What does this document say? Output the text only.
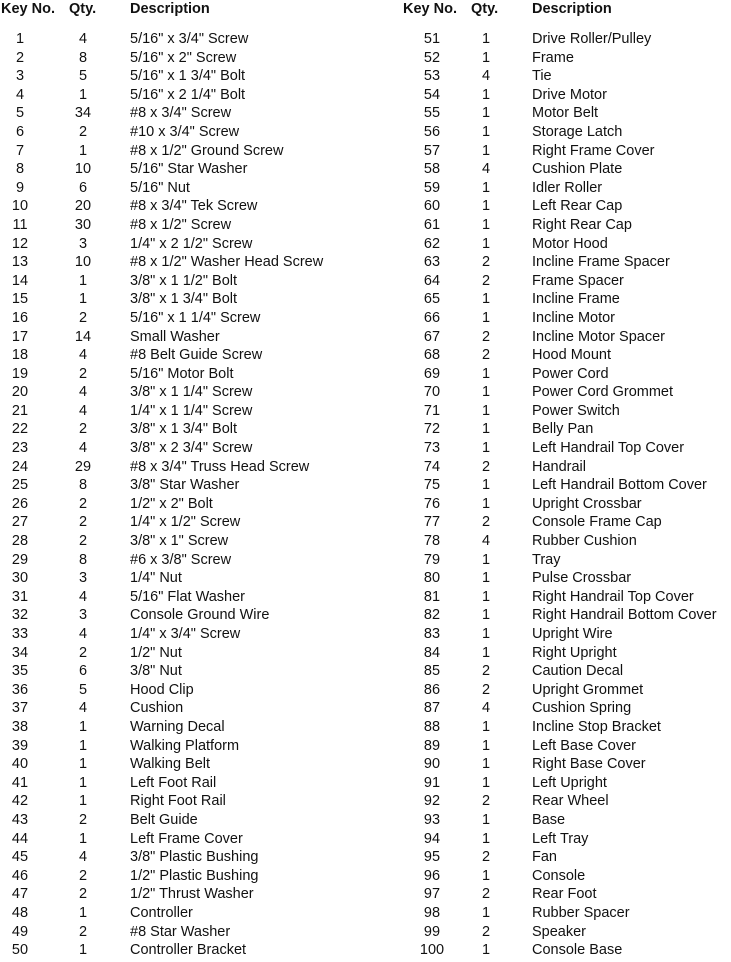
Key No. Qty. Description
1	4	5/16" x 3/4" Screw
2	8	5/16" x 2" Screw
3	5	5/16" x 1 3/4" Bolt
4	1	5/16" x 2 1/4" Bolt
5	34	#8 x 3/4" Screw
6	2	#10 x 3/4" Screw
7	1	#8 x 1/2" Ground Screw
8	10	5/16" Star Washer
9	6	5/16" Nut
10	20	#8 x 3/4" Tek Screw
11	30	#8 x 1/2" Screw
12	3	1/4" x 2 1/2" Screw
13	10	#8 x 1/2" Washer Head Screw
14	1	3/8" x 1 1/2" Bolt
15	1	3/8" x 1 3/4" Bolt
16	2	5/16" x 1 1/4" Screw
17	14	Small Washer
18	4	#8 Belt Guide Screw
19	2	5/16" Motor Bolt
20	4	3/8" x 1 1/4" Screw
21	4	1/4" x 1 1/4" Screw
22	2	3/8" x 1 3/4" Bolt
23	4	3/8" x 2 3/4" Screw
24	29	#8 x 3/4" Truss Head Screw
25	8	3/8" Star Washer
26	2	1/2" x 2" Bolt
27	2	1/4" x 1/2" Screw
28	2	3/8" x 1" Screw
29	8	#6 x 3/8" Screw
30	3	1/4" Nut
31	4	5/16" Flat Washer
32	3	Console Ground Wire
33	4	1/4" x 3/4" Screw
34	2	1/2" Nut
35	6	3/8" Nut
36	5	Hood Clip
37	4	Cushion
38	1	Warning Decal
39	1	Walking Platform
40	1	Walking Belt
41	1	Left Foot Rail
42	1	Right Foot Rail
43	2	Belt Guide
44	1	Left Frame Cover
45	4	3/8" Plastic Bushing
46	2	1/2" Plastic Bushing
47	2	1/2" Thrust Washer
48	1	Controller
49	2	#8 Star Washer
50	1	Controller Bracket
Key No. Qty. Description
51	1	Drive Roller/Pulley
52	1	Frame
53	4	Tie
54	1	Drive Motor
55	1	Motor Belt
56	1	Storage Latch
57	1	Right Frame Cover
58	4	Cushion Plate
59	1	Idler Roller
60	1	Left Rear Cap
61	1	Right Rear Cap
62	1	Motor Hood
63	2	Incline Frame Spacer
64	2	Frame Spacer
65	1	Incline Frame
66	1	Incline Motor
67	2	Incline Motor Spacer
68	2	Hood Mount
69	1	Power Cord
70	1	Power Cord Grommet
71	1	Power Switch
72	1	Belly Pan
73	1	Left Handrail Top Cover
74	2	Handrail
75	1	Left Handrail Bottom Cover
76	1	Upright Crossbar
77	2	Console Frame Cap
78	4	Rubber Cushion
79	1	Tray
80	1	Pulse Crossbar
81	1	Right Handrail Top Cover
82	1	Right Handrail Bottom Cover
83	1	Upright Wire
84	1	Right Upright
85	2	Caution Decal
86	2	Upright Grommet
87	4	Cushion Spring
88	1	Incline Stop Bracket
89	1	Left Base Cover
90	1	Right Base Cover
91	1	Left Upright
92	2	Rear Wheel
93	1	Base
94	1	Left Tray
95	2	Fan
96	1	Console
97	2	Rear Foot
98	1	Rubber Spacer
99	2	Speaker
100	1	Console Base
